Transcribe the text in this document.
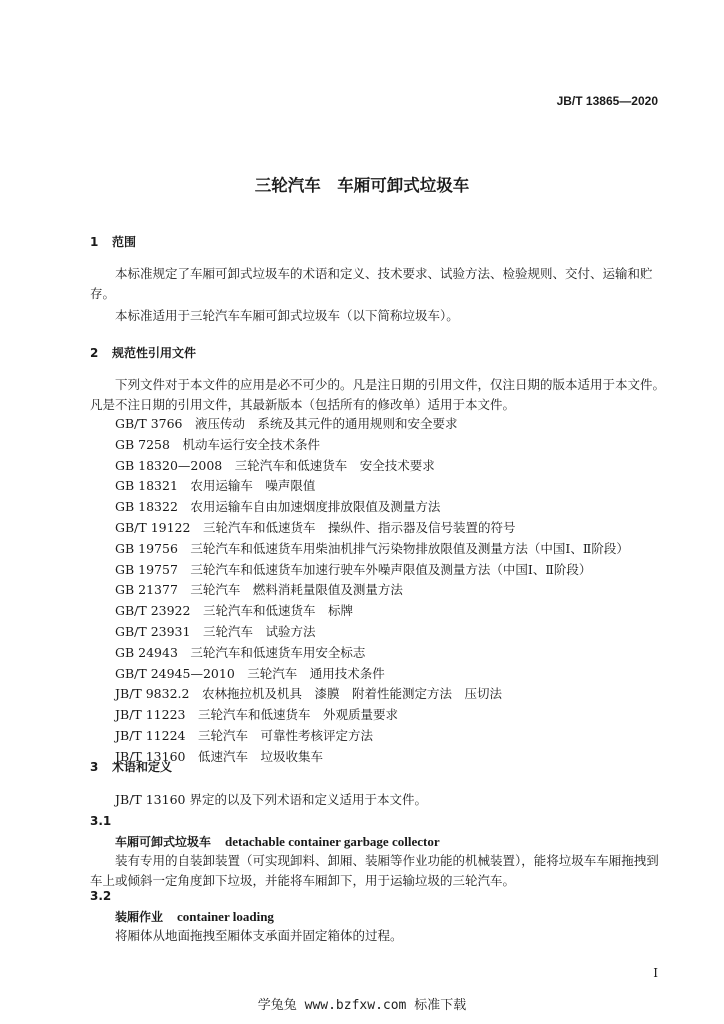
JB/T 13865—2020
三轮汽车　车厢可卸式垃圾车
1 范围
本标准规定了车厢可卸式垃圾车的术语和定义、技术要求、试验方法、检验规则、交付、运输和贮存。
本标准适用于三轮汽车车厢可卸式垃圾车（以下简称垃圾车）。
2 规范性引用文件
下列文件对于本文件的应用是必不可少的。凡是注日期的引用文件，仅注日期的版本适用于本文件。凡是不注日期的引用文件，其最新版本（包括所有的修改单）适用于本文件。
GB/T 3766　液压传动　系统及其元件的通用规则和安全要求
GB 7258　机动车运行安全技术条件
GB 18320—2008　三轮汽车和低速货车　安全技术要求
GB 18321　农用运输车　噪声限值
GB 18322　农用运输车自由加速烟度排放限值及测量方法
GB/T 19122　三轮汽车和低速货车　操纵件、指示器及信号装置的符号
GB 19756　三轮汽车和低速货车用柴油机排气污染物排放限值及测量方法（中国Ⅰ、Ⅱ阶段）
GB 19757　三轮汽车和低速货车加速行驶车外噪声限值及测量方法（中国Ⅰ、Ⅱ阶段）
GB 21377　三轮汽车　燃料消耗量限值及测量方法
GB/T 23922　三轮汽车和低速货车　标牌
GB/T 23931　三轮汽车　试验方法
GB 24943　三轮汽车和低速货车用安全标志
GB/T 24945—2010　三轮汽车　通用技术条件
JB/T 9832.2　农林拖拉机及机具　漆膜　附着性能测定方法　压切法
JB/T 11223　三轮汽车和低速货车　外观质量要求
JB/T 11224　三轮汽车　可靠性考核评定方法
JB/T 13160　低速汽车　垃圾收集车
3 术语和定义
JB/T 13160 界定的以及下列术语和定义适用于本文件。
3.1
车厢可卸式垃圾车 detachable container garbage collector
装有专用的自装卸装置（可实现卸料、卸厢、装厢等作业功能的机械装置），能将垃圾车车厢拖拽到车上或倾斜一定角度卸下垃圾，并能将车厢卸下，用于运输垃圾的三轮汽车。
3.2
装厢作业 container loading
将厢体从地面拖拽至厢体支承面并固定箱体的过程。
I
学兔兔 www.bzfxw.com 标准下载
